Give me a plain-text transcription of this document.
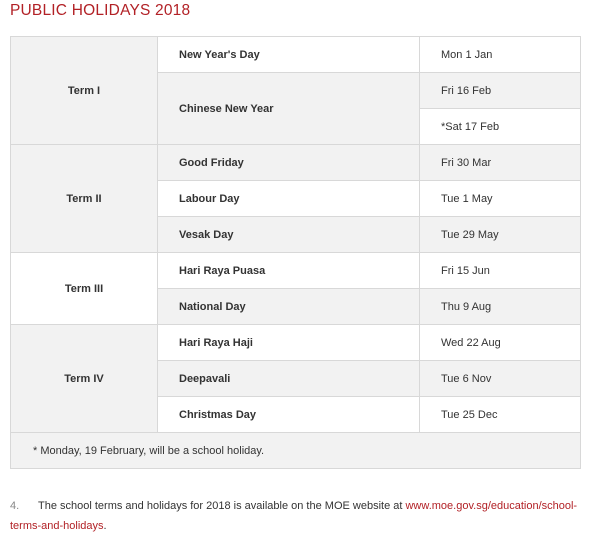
PUBLIC HOLIDAYS 2018
Term I	New Year's Day	Mon 1 Jan
	Chinese New Year	Fri 16 Feb
		*Sat 17 Feb
Term II	Good Friday	Fri 30 Mar
	Labour Day	Tue 1 May
	Vesak Day	Tue 29 May
Term III	Hari Raya Puasa	Fri 15 Jun
	National Day	Thu 9 Aug
Term IV	Hari Raya Haji	Wed 22 Aug
	Deepavali	Tue 6 Nov
	Christmas Day	Tue 25 Dec
* Monday, 19 February, will be a school holiday.		

4. The school terms and holidays for 2018 is available on the MOE website at www.moe.gov.sg/education/school-terms-and-holidays.
